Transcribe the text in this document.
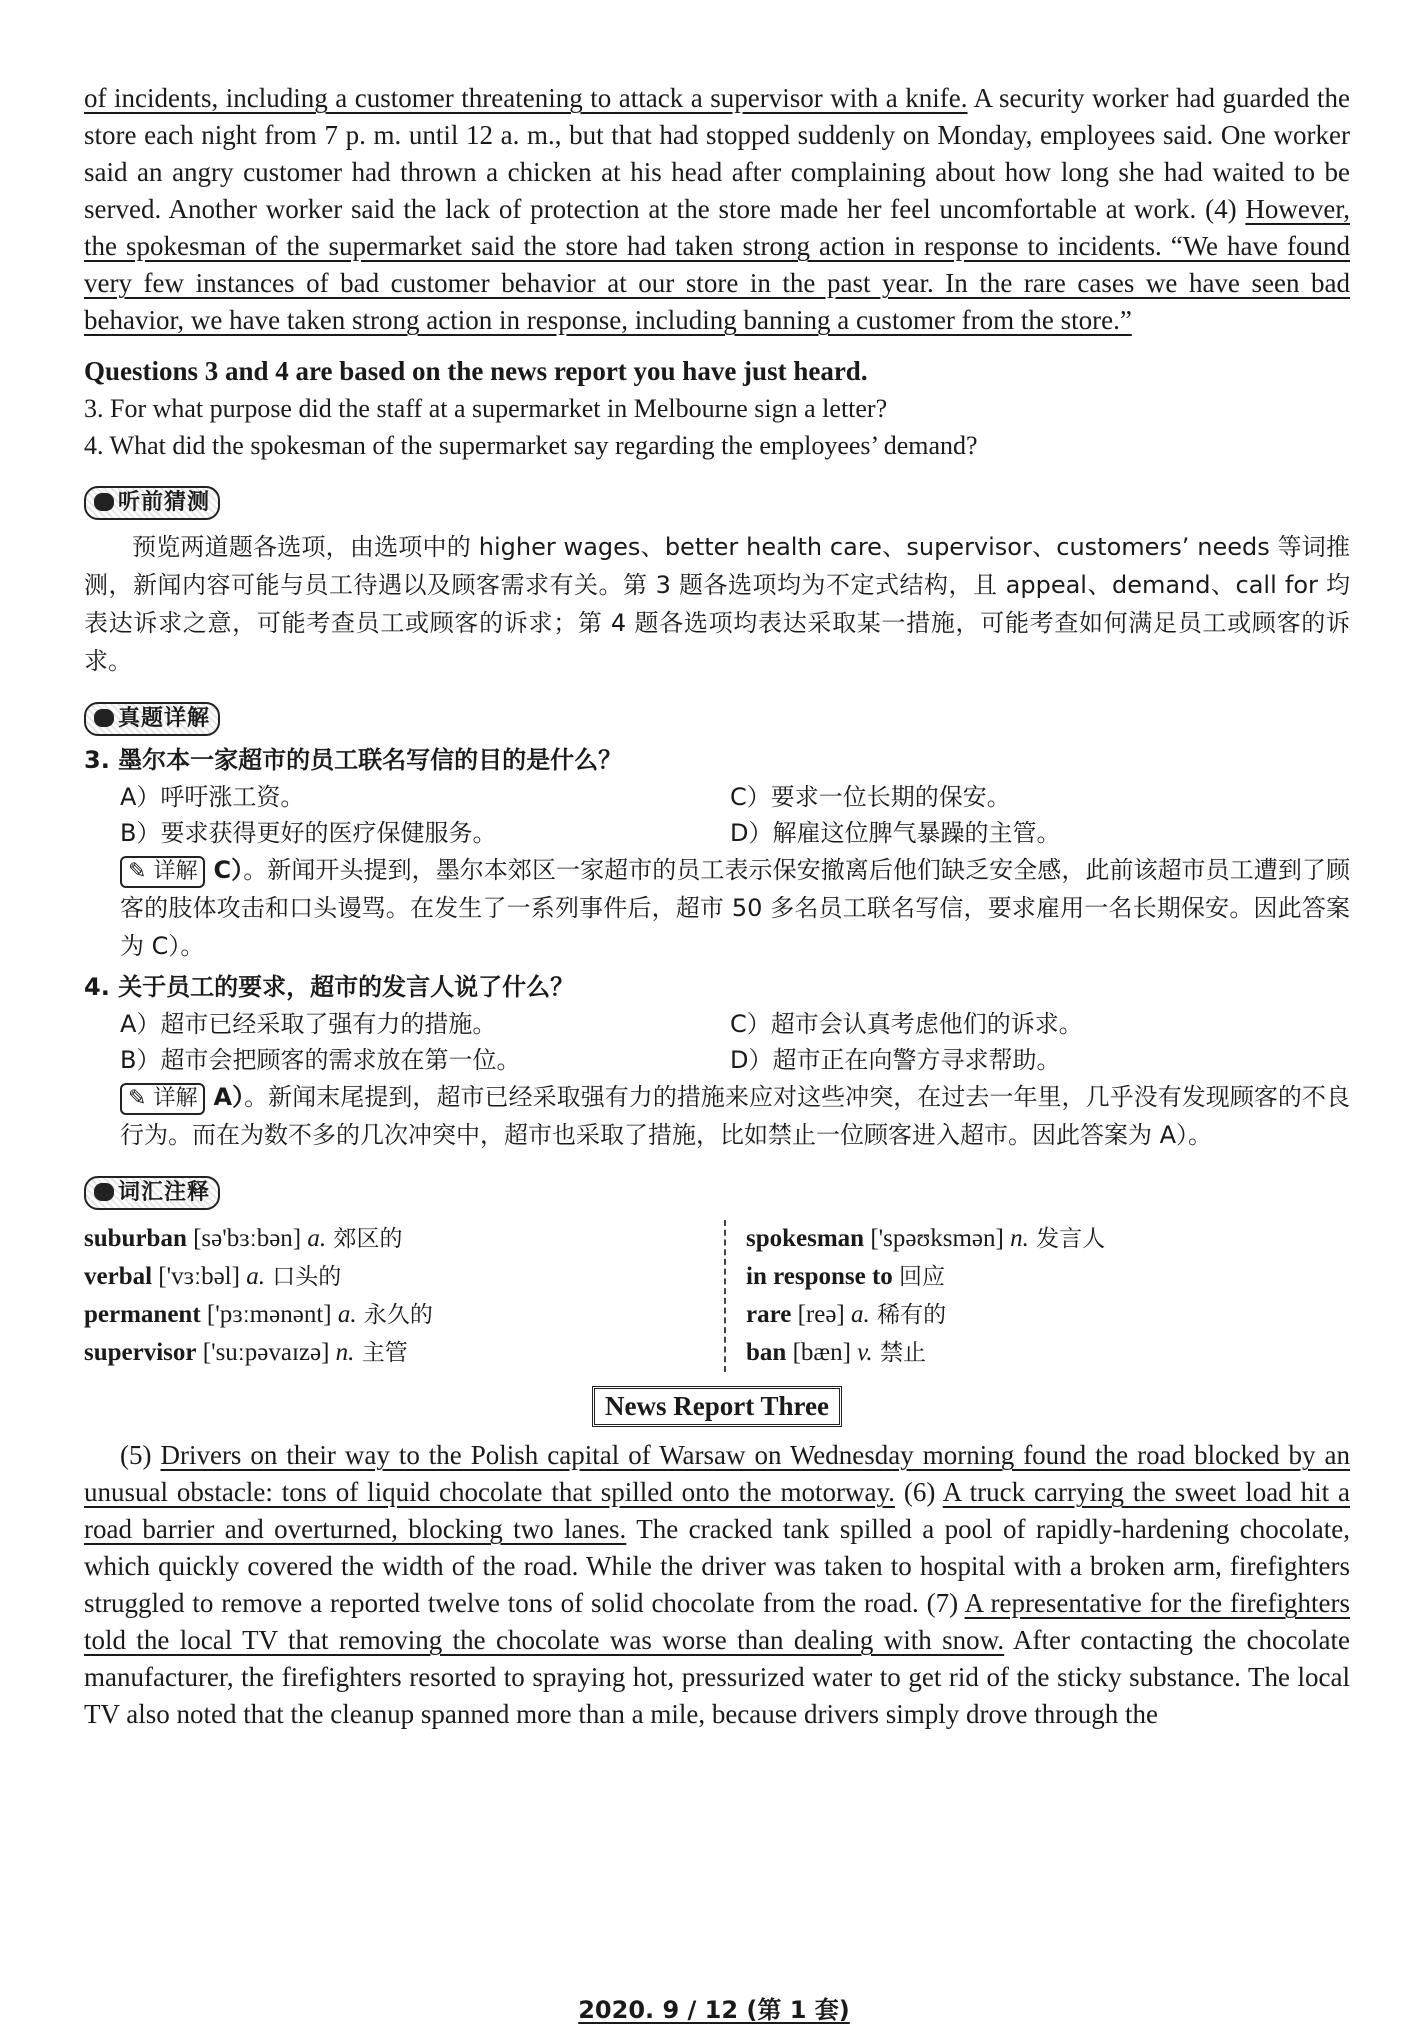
of incidents, including a customer threatening to attack a supervisor with a knife. A security worker had guarded the store each night from 7 p. m. until 12 a. m., but that had stopped suddenly on Monday, employees said. One worker said an angry customer had thrown a chicken at his head after complaining about how long she had waited to be served. Another worker said the lack of protection at the store made her feel uncomfortable at work. (4) However, the spokesman of the supermarket said the store had taken strong action in response to incidents. “We have found very few instances of bad customer behavior at our store in the past year. In the rare cases we have seen bad behavior, we have taken strong action in response, including banning a customer from the store.”

Questions 3 and 4 are based on the news report you have just heard.

3. For what purpose did the staff at a supermarket in Melbourne sign a letter?

4. What did the spokesman of the supermarket say regarding the employees’ demand?

听前猜测

预览两道题各选项，由选项中的 higher wages、better health care、supervisor、customers’ needs 等词推测，新闻内容可能与员工待遇以及顾客需求有关。第 3 题各选项均为不定式结构，且 appeal、demand、call for 均表达诉求之意，可能考查员工或顾客的诉求；第 4 题各选项均表达采取某一措施，可能考查如何满足员工或顾客的诉求。

真题详解

3. 墨尔本一家超市的员工联名写信的目的是什么？

A）呼吁涨工资。	C）要求一位长期的保安。
B）要求获得更好的医疗保健服务。	D）解雇这位脾气暴躁的主管。

✎ 详解 C）。新闻开头提到，墨尔本郊区一家超市的员工表示保安撤离后他们缺乏安全感，此前该超市员工遭到了顾客的肢体攻击和口头谩骂。在发生了一系列事件后，超市 50 多名员工联名写信，要求雇用一名长期保安。因此答案为 C）。

4. 关于员工的要求，超市的发言人说了什么？

A）超市已经采取了强有力的措施。	C）超市会认真考虑他们的诉求。
B）超市会把顾客的需求放在第一位。	D）超市正在向警方寻求帮助。

✎ 详解 A）。新闻末尾提到，超市已经采取强有力的措施来应对这些冲突，在过去一年里，几乎没有发现顾客的不良行为。而在为数不多的几次冲突中，超市也采取了措施，比如禁止一位顾客进入超市。因此答案为 A）。

词汇注释
suburban [sə'bɜːbən] a. 郊区的
verbal ['vɜːbəl] a. 口头的
permanent ['pɜːmənənt] a. 永久的
supervisor ['suːpəvaɪzə] n. 主管
spokesman ['spəʊksmən] n. 发言人
in response to 回应
rare [reə] a. 稀有的
ban [bæn] v. 禁止
News Report Three

(5) Drivers on their way to the Polish capital of Warsaw on Wednesday morning found the road blocked by an unusual obstacle: tons of liquid chocolate that spilled onto the motorway. (6) A truck carrying the sweet load hit a road barrier and overturned, blocking two lanes. The cracked tank spilled a pool of rapidly-hardening chocolate, which quickly covered the width of the road. While the driver was taken to hospital with a broken arm, firefighters struggled to remove a reported twelve tons of solid chocolate from the road. (7) A representative for the firefighters told the local TV that removing the chocolate was worse than dealing with snow. After contacting the chocolate manufacturer, the firefighters resorted to spraying hot, pressurized water to get rid of the sticky substance. The local TV also noted that the cleanup spanned more than a mile, because drivers simply drove through the

2020. 9 / 12 (第 1 套)
